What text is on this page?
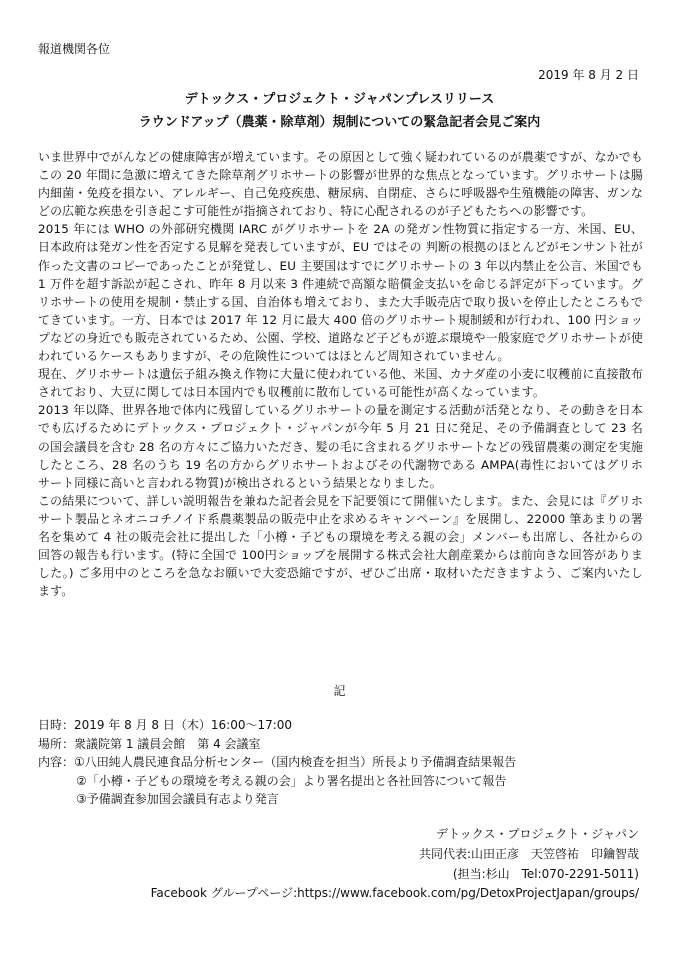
報道機関各位
2019 年 8 月 2 日
デトックス・プロジェクト・ジャパンプレスリリース
ラウンドアップ（農薬・除草剤）規制についての緊急記者会見ご案内

いま世界中でがんなどの健康障害が増えています。その原因として強く疑われているのが農薬ですが、なかでもこの 20 年間に急激に増えてきた除草剤グリホサートの影響が世界的な焦点となっています。グリホサートは腸内細菌・免疫を損ない、アレルギー、自己免疫疾患、糖尿病、自閉症、さらに呼吸器や生殖機能の障害、ガンなどの広範な疾患を引き起こす可能性が指摘されており、特に心配されるのが子どもたちへの影響です。

2015 年には WHO の外部研究機関 IARC がグリホサートを 2A の発ガン性物質に指定する一方、米国、EU、日本政府は発ガン性を否定する見解を発表していますが、EU ではその 判断の根拠のほとんどがモンサント社が作った文書のコピーであったことが発覚し、EU 主要国はすでにグリホサートの 3 年以内禁止を公言、米国でも 1 万件を超す訴訟が起こされ、昨年 8 月以来 3 件連続で高額な賠償金支払いを命じる評定が下っています。グリホサートの使用を規制・禁止する国、自治体も増えており、また大手販売店で取り扱いを停止したところもでてきています。一方、日本では 2017 年 12 月に最大 400 倍のグリホサート規制緩和が行われ、100 円ショップなどの身近でも販売されているため、公園、学校、道路など子どもが遊ぶ環境や一般家庭でグリホサートが使われているケースもありますが、その危険性についてはほとんど周知されていません。

現在、グリホサートは遺伝子組み換え作物に大量に使われている他、米国、カナダ産の小麦に収穫前に直接散布されており、大豆に関しては日本国内でも収穫前に散布している可能性が高くなっています。

2013 年以降、世界各地で体内に残留しているグリホサートの量を測定する活動が活発となり、その動きを日本でも広げるためにデトックス・プロジェクト・ジャパンが今年 5 月 21 日に発足、その予備調査として 23 名の国会議員を含む 28 名の方々にご協力いただき、髪の毛に含まれるグリホサートなどの残留農薬の測定を実施したところ、28 名のうち 19 名の方からグリホサートおよびその代謝物である AMPA(毒性においてはグリホサート同様に高いと言われる物質)が検出されるという結果となりました。

この結果について、詳しい説明報告を兼ねた記者会見を下記要領にて開催いたします。また、会見には『グリホサート製品とネオニコチノイド系農薬製品の販売中止を求めるキャンペーン』を展開し、22000 筆あまりの署名を集めて 4 社の販売会社に提出した「小樽・子どもの環境を考える親の会」メンバーも出席し、各社からの回答の報告も行います。(特に全国で 100円ショップを展開する株式会社大創産業からは前向きな回答がありました。) ご多用中のところを急なお願いで大変恐縮ですが、ぜひご出席・取材いただきますよう、ご案内いたします。

記
日時：2019 年 8 月 8 日（木）16:00～17:00
場所：衆議院第 1 議員会館　第 4 会議室
内容：①八田純人農民連食品分析センター（国内検査を担当）所長より予備調査結果報告
②「小樽・子どもの環境を考える親の会」より署名提出と各社回答について報告
③予備調査参加国会議員有志より発言
デトックス・プロジェクト・ジャパン
共同代表:山田正彦　天笠啓祐　印鑰智哉
(担当:杉山　Tel:070-2291-5011)
Facebook グループページ:https://www.facebook.com/pg/DetoxProjectJapan/groups/
